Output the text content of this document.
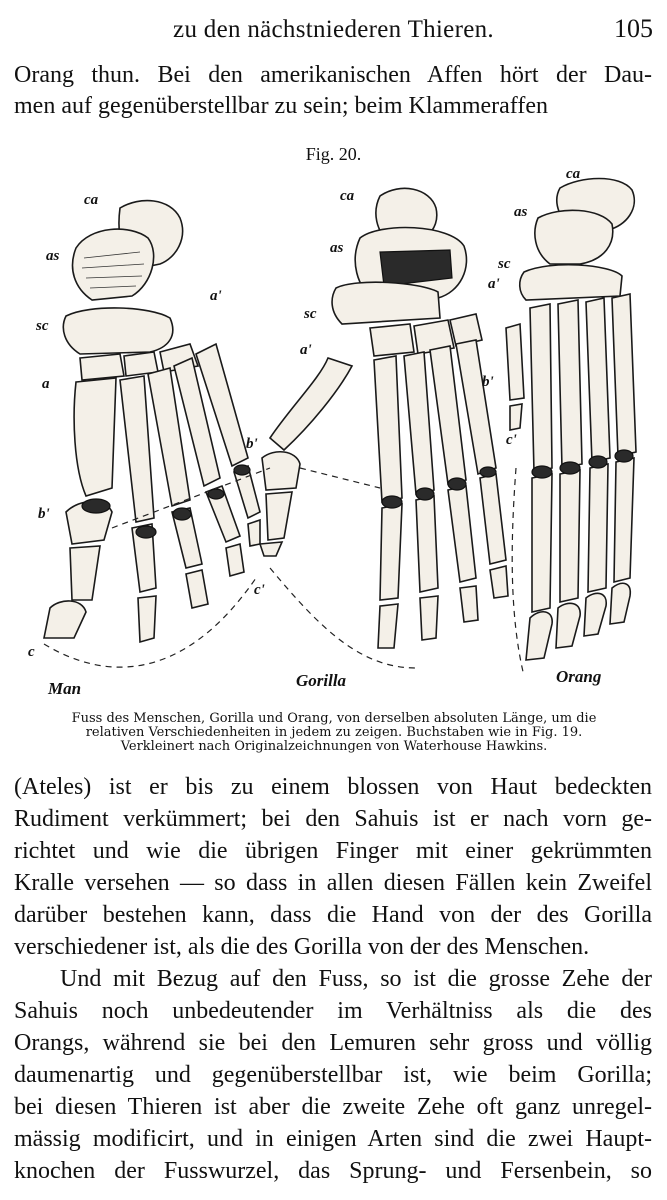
zu den nächstniederen Thieren.	105
Orang thun. Bei den amerikanischen Affen hört der Dau-
men auf gegenüberstellbar zu sein; beim Klammeraffen
Fig. 20.
ca
as
sc
a
a'
b'
c
ca
as
sc
a'
b'
c'
ca
as
sc
a'
b'
c'
Man	Gorilla	Orang
Fuss des Menschen, Gorilla und Orang, von derselben absoluten Länge, um die
relativen Verschiedenheiten in jedem zu zeigen. Buchstaben wie in Fig. 19.
Verkleinert nach Originalzeichnungen von Waterhouse Hawkins.
(Ateles) ist er bis zu einem blossen von Haut bedeckten
Rudiment verkümmert; bei den Sahuis ist er nach vorn ge-
richtet und wie die übrigen Finger mit einer gekrümmten
Kralle versehen — so dass in allen diesen Fällen kein Zweifel
darüber bestehen kann, dass die Hand von der des Gorilla
verschiedener ist, als die des Gorilla von der des Menschen.
Und mit Bezug auf den Fuss, so ist die grosse Zehe der
Sahuis noch unbedeutender im Verhältniss als die des
Orangs, während sie bei den Lemuren sehr gross und völlig
daumenartig und gegenüberstellbar ist, wie beim Gorilla;
bei diesen Thieren ist aber die zweite Zehe oft ganz unregel-
mässig modificirt, und in einigen Arten sind die zwei Haupt-
knochen der Fusswurzel, das Sprung- und Fersenbein, so
